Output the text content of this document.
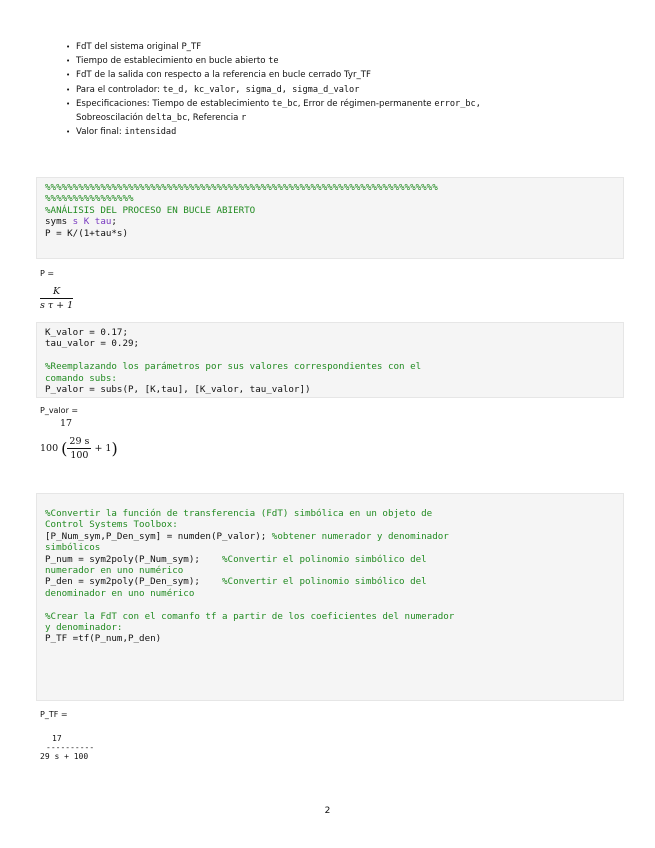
• FdT del sistema original P_TF
• Tiempo de establecimiento en bucle abierto te
• FdT de la salida con respecto a la referencia en bucle cerrado Tyr_TF
• Para el controlador: te_d, kc_valor, sigma_d, sigma_d_valor
• Especificaciones: Tiempo de establecimiento te_bc, Error de régimen-permanente error_bc,
Sobreoscilación delta_bc, Referencia r
• Valor final: intensidad
%%%%%%%%%%%%%%%%%%%%%%%%%%%%%%%%%%%%%%%%%%%%%%%%%%%%%%%%%%%%%%%%%%%%%%%
%%%%%%%%%%%%%%%%
%ANÁLISIS DEL PROCESO EN BUCLE ABIERTO
syms s K tau;
P = K/(1+tau*s)
P =
$\frac{K}{\text{s τ + 1}}$
K_valor = 0.17;
tau_valor = 0.29;

%Reemplazando los parámetros por sus valores correspondientes con el
comando subs:
P_valor = subs(P, [K,tau], [K_valor, tau_valor])
P_valor =
17
100 ( $\frac{29 s}{100} + 1$)
%Convertir la función de transferencia (FdT) simbólica en un objeto de
Control Systems Toolbox:
[P_Num_sym,P_Den_sym] = numden(P_valor); %obtener numerador y denominador
simbólicos
P_num = sym2poly(P_Num_sym);    %Convertir el polinomio simbólico del
numerador en uno numérico
P_den = sym2poly(P_Den_sym);    %Convertir el polinomio simbólico del
denominador en uno numérico

%Crear la FdT con el comanfo tf a partir de los coeficientes del numerador
y denominador:
P_TF =tf(P_num,P_den)
P_TF =
17
----------
29 s + 100
2
